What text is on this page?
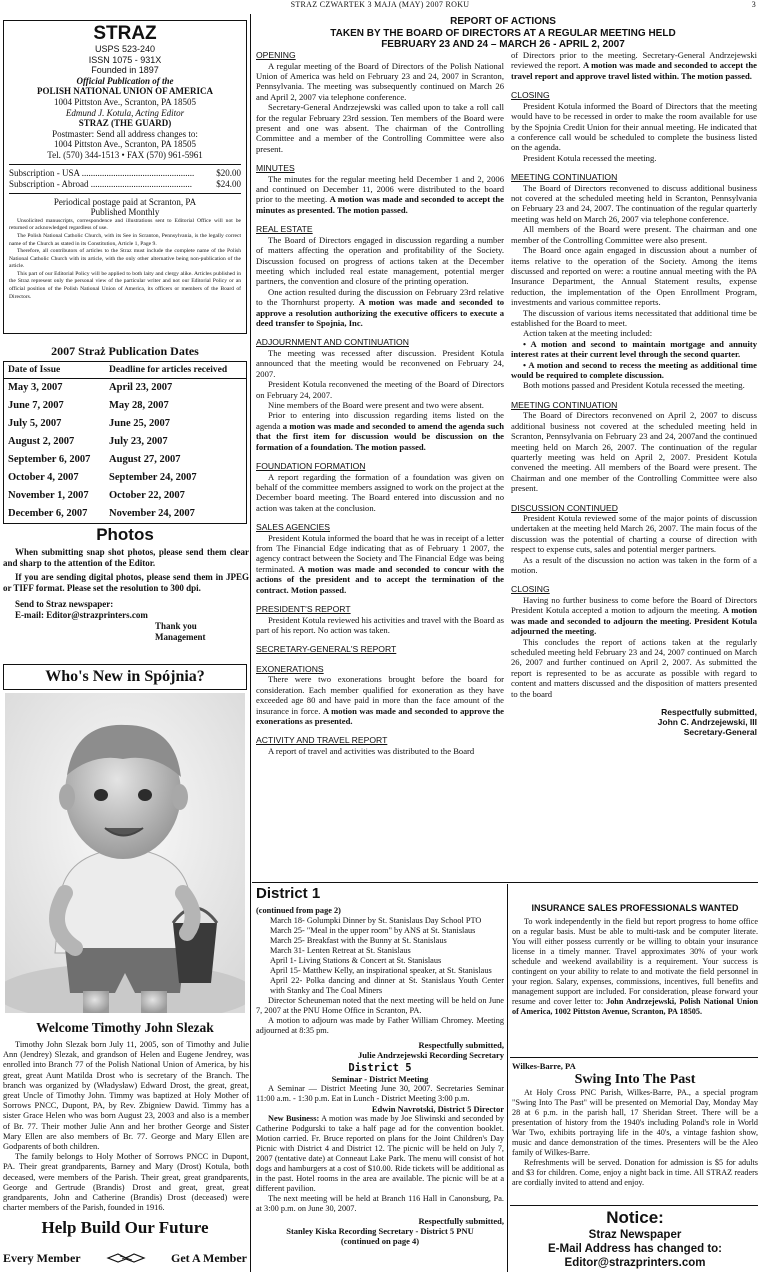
STRAZ CZWARTEK 3 MAJA (MAY) 2007 ROKU	3
STRAZ
USPS 523-240
ISSN 1075 - 931X
Founded in 1897
Official Publication of the
POLISH NATIONAL UNION OF AMERICA
1004 Pittston Ave., Scranton, PA 18505
Edmund J. Kotula, Acting Editor
STRAZ (THE GUARD)
Postmaster: Send all address changes to:
1004 Pittston Ave., Scranton, PA 18505
Tel. (570) 344-1513 • FAX (570) 961-5961
Subscription - USA .................................................. $20.00
Subscription - Abroad .............................................	$24.00
Periodical postage paid at Scranton, PA
Published Monthly
Unsolicited manuscripts, correspondence and illustrations sent to Editorial Office will not be returned or acknowledged regardless of use.
The Polish National Catholic Church, with its See in Scranton, Pennsylvania, is the legally correct name of the Church as stated in its Constitution, Article 1, Page 9.
Therefore, all contributors of articles to the Straz must include the complete name of the Polish National Catholic Church with its article, with the only other alternative being non-publication of the article.
This part of our Editorial Policy will be applied to both laity and clergy alike. Articles published in the Straz represent only the personal view of the particular writer and not our Editorial Policy or an official position of the Polish National Union of America, its officers or members of the Board of Directors.
2007 Straż Publication Dates
Date of Issue	Deadline for articles received
May 3, 2007	April 23, 2007
June 7, 2007	May 28, 2007
July 5, 2007	June 25, 2007
August 2, 2007	July 23, 2007
September 6, 2007	August 27, 2007
October 4, 2007	September 24, 2007
November 1, 2007	October 22, 2007
December 6, 2007	November 24, 2007
Photos

When submitting snap shot photos, please send them clear and sharp to the attention of the Editor.

If you are sending digital photos, please send them in JPEG or TIFF format. Please set the resolution to 300 dpi.

Send to Straz newspaper:

E-mail: Editor@strazprinters.com

Thank you

Management

Who's New in Spójnia?
Welcome Timothy John Slezak

Timothy John Slezak born July 11, 2005, son of Timothy and Julie Ann (Jendrey) Slezak, and grandson of Helen and Eugene Jendrey, was enrolled into Branch 77 of the Polish National Union of America, by his great, great Aunt Matilda Drost who is secretary of the Branch. The branch was organized by (Władysław) Edward Drost, the great, great, great Uncle of Timothy John. Timmy was baptized at Holy Mother of Sorrows PNCC, Dupont, PA, by Rev. Zbigniew Dawid. Timmy has a sister Grace Helen who was born August 23, 2003 and also is a member of Br. 77. Their mother Julie Ann and her brother George and Sister Mary Ellen are also members of Br. 77. George and Mary Ellen are Godparents of both children.

The family belongs to Holy Mother of Sorrows PNCC in Dupont, PA. Their great grandparents, Barney and Mary (Drost) Kotula, both deceased, were members of the Parish. Their great, great grandparents, George and Gertrude (Brandis) Drost and great, great, great grandparents, John and Catherine (Brandis) Drost (deceased) were charter members of the Parish, founded in 1916.

Help Build Our Future
Every Member	Get A Member
REPORT OF ACTIONS
TAKEN BY THE BOARD OF DIRECTORS AT A REGULAR MEETING HELD
FEBRUARY 23 AND 24 – MARCH 26 - APRIL 2, 2007
OPENING

A regular meeting of the Board of Directors of the Polish National Union of America was held on February 23 and 24, 2007 in Scranton, Pennsylvania. The meeting was subsequently continued on March 26 and April 2, 2007 via telephone conference.

Secretary-General Andrzejewski was called upon to take a roll call for the regular February 23rd session. Ten members of the Board were present and one was absent. The chairman of the Controlling Committee and a member of the Controlling Committee were also present.

MINUTES

The minutes for the regular meeting held December 1 and 2, 2006 and continued on December 11, 2006 were distributed to the board prior to the meeting. A motion was made and seconded to accept the minutes as presented. The motion passed.

REAL ESTATE

The Board of Directors engaged in discussion regarding a number of matters affecting the operation and profitability of the Society. Discussion focused on progress of actions taken at the December meeting which included real estate management, potential merger partners, the convention and closure of the printing operation.

One action resulted during the discussion on February 23rd relative to the Thornhurst property. A motion was made and seconded to approve a resolution authorizing the executive officers to execute a deed transfer to Spojnia, Inc.

ADJOURNMENT AND CONTINUATION

The meeting was recessed after discussion. President Kotula announced that the meeting would be reconvened on February 24, 2007.

President Kotula reconvened the meeting of the Board of Directors on February 24, 2007.

Nine members of the Board were present and two were absent.

Prior to entering into discussion regarding items listed on the agenda a motion was made and seconded to amend the agenda such that the first item for discussion would be discussion on the formation of a foundation. The motion passed.

FOUNDATION FORMATION

A report regarding the formation of a foundation was given on behalf of the committee members assigned to work on the project at the December board meeting. The Board entered into discussion and no action was taken at the conclusion.

SALES AGENCIES

President Kotula informed the board that he was in receipt of a letter from The Financial Edge indicating that as of February 1 2007, the agency contract between the Society and The Financial Edge was being terminated. A motion was made and seconded to concur with the actions of the president and to accept the termination of the contract. Motion passed.

PRESIDENT'S REPORT

President Kotula reviewed his activities and travel with the Board as part of his report. No action was taken.

SECRETARY-GENERAL'S REPORT
EXONERATIONS

There were two exonerations brought before the board for consideration. Each member qualified for exoneration as they have exceeded age 80 and have paid in more than the face amount of the insurance in force. A motion was made and seconded to approve the exonerations as presented.

ACTIVITY AND TRAVEL REPORT

A report of travel and activities was distributed to the Board

of Directors prior to the meeting. Secretary-General Andrzejewski reviewed the report. A motion was made and seconded to accept the travel report and approve travel listed within. The motion passed.

CLOSING

President Kotula informed the Board of Directors that the meeting would have to be recessed in order to make the room available for use by the Spojnia Credit Union for their annual meeting. He indicated that a conference call would be scheduled to complete the business listed on the agenda.

President Kotula recessed the meeting.

MEETING CONTINUATION

The Board of Directors reconvened to discuss additional business not covered at the scheduled meeting held in Scranton, Pennsylvania on February 23 and 24, 2007. The continuation of the regular quarterly meeting was held on March 26, 2007 via telephone conference.

All members of the Board were present. The chairman and one member of the Controlling Committee were also present.

The Board once again engaged in discussion about a number of items relative to the operation of the Society. Among the items discussed and reported on were: a routine annual meeting with the PA Insurance Department, the Annual Statement results, expense reduction, the implementation of the Open Enrollment Program, investments and various committee reports.

The discussion of various items necessitated that additional time be established for the Board to meet.

Action taken at the meeting included:

• A motion and second to maintain mortgage and annuity interest rates at their current level through the second quarter.

• A motion and second to recess the meeting as additional time would be required to complete discussion.

Both motions passed and President Kotula recessed the meeting.

MEETING CONTINUATION

The Board of Directors reconvened on April 2, 2007 to discuss additional business not covered at the scheduled meeting held in Scranton, Pennsylvania on February 23 and 24, 2007and the continued meeting held on March 26, 2007. The continuation of the regular quarterly meeting was held on April 2, 2007. President Kotula convened the meeting. All members of the Board were present. The Chairman and one member of the Controlling Committee were also present.

DISCUSSION CONTINUED

President Kotula reviewed some of the major points of discussion undertaken at the meeting held March 26, 2007. The main focus of the discussion was the potential of charting a course of direction with respect to expense cuts, sales and potential merger partners.

As a result of the discussion no action was taken in the form of a motion.

CLOSING

Having no further business to come before the Board of Directors President Kotula accepted a motion to adjourn the meeting. A motion was made and seconded to adjourn the meeting. President Kotula adjourned the meeting.

This concludes the report of actions taken at the regularly scheduled meeting held February 23 and 24, 2007 continued on March 26, 2007 and further continued on April 2, 2007. As submitted the report is represented to be as accurate as possible with regard to content and matters discussed and the disposition of matters presented to the board

Respectfully submitted,
John C. Andrzejewski, III
Secretary-General
District 1
(continued from page 2)

March 18- Golumpki Dinner by St. Stanislaus Day School PTO

March 25- "Meal in the upper room" by ANS at St. Stanislaus

March 25- Breakfast with the Bunny at St. Stanislaus

March 31- Lenten Retreat at St. Stanislaus

April 1- Living Stations & Concert at St. Stanislaus

April 15- Matthew Kelly, an inspirational speaker, at St. Stanislaus

April 22- Polka dancing and dinner at St. Stanislaus Youth Center with Stanky and The Coal Miners

Director Scheuneman noted that the next meeting will be held on June 7, 2007 at the PNU Home Office in Scranton, PA.

A motion to adjourn was made by Father William Chromey. Meeting adjourned at 8:35 pm.

Respectfully submitted,
Julie Andrzejewski Recording Secretary
District 5
Seminar - District Meeting

A Seminar — District Meeting June 30, 2007. Secretaries Seminar 11:00 a.m. - 1:30 p.m. Eat in Lunch - District Meeting 3:00 p.m.

Edwin Navrotski, District 5 Director

New Business: A motion was made by Joe Sliwinski and seconded by Catherine Podgurski to take a half page ad for the convention booklet. Motion carried. Fr. Bruce reported on plans for the Joint Children's Day Picnic with District 4 and District 12. The picnic will be held on July 7, 2007 (tentative date) at Conneaut Lake Park. The menu will consist of hot dogs and hamburgers at a cost of $10.00. Ride tickets will be additional as in the past. Hotel rooms in the area are available. The picnic will be at a different pavilion.

The next meeting will be held at Branch 116 Hall in Canonsburg, Pa. at 3:00 p.m. on June 30, 2007.

Respectfully submitted,
Stanley Kiska Recording Secretary - District 5 PNU
(continued on page 4)
INSURANCE SALES PROFESSIONALS WANTED

To work independently in the field but report progress to home office on a regular basis. Must be able to multi-task and be computer literate. You will either possess currently or be willing to obtain your insurance license in a timely manner. Travel approximates 30% of your work schedule and weekend availability is a requirement. Your success is contingent on your ability to relate to and motivate the field personnel in your region. Salary, expenses, commissions, incentives, full benefits and management support are included. For consideration, please forward your resume and cover letter to: John Andrzejewski, Polish National Union of America, 1002 Pittston Avenue, Scranton, PA 18505.

Wilkes-Barre, PA
Swing Into The Past

At Holy Cross PNC Parish, Wilkes-Barre, PA., a special program "Swing Into The Past" will be presented on Memorial Day, Monday May 28 at 6 p.m. in the parish hall, 17 Sheridan Street. There will be a presentation of history from the 1940's including Poland's role in World War Two, exhibits portraying life in the 40's, a vintage fashion show, music and dance demonstration of the times. Presenters will be the Aleo family of Wilkes-Barre.

Refreshments will be served. Donation for admission is $5 for adults and $3 for children. Come, enjoy a night back in time. All STRAZ readers are cordially invited to attend and enjoy.

Notice:
Straz Newspaper
E-Mail Address has changed to:
Editor@strazprinters.com
